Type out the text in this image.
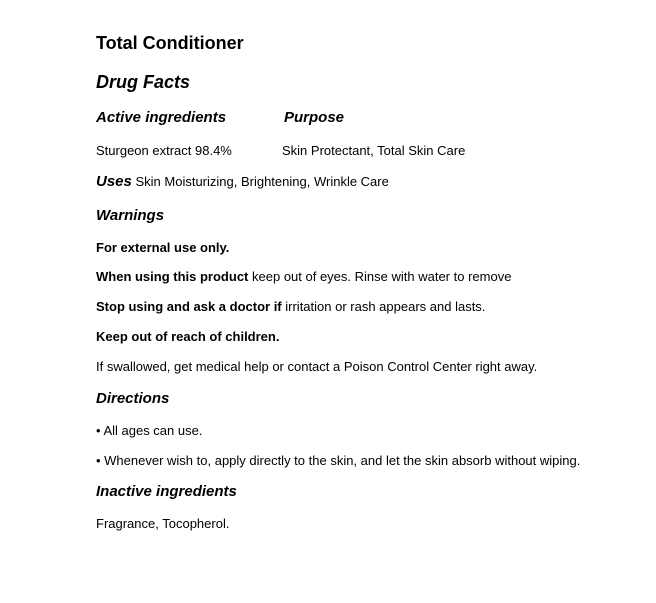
Total Conditioner
Drug Facts
Active ingredients	Purpose
Sturgeon extract 98.4%	Skin Protectant, Total Skin Care
Uses Skin Moisturizing, Brightening, Wrinkle Care
Warnings
For external use only.
When using this product keep out of eyes. Rinse with water to remove
Stop using and ask a doctor if irritation or rash appears and lasts.
Keep out of reach of children.
If swallowed, get medical help or contact a Poison Control Center right away.
Directions
• All ages can use.
• Whenever wish to, apply directly to the skin, and let the skin absorb without wiping.
Inactive ingredients
Fragrance, Tocopherol.
